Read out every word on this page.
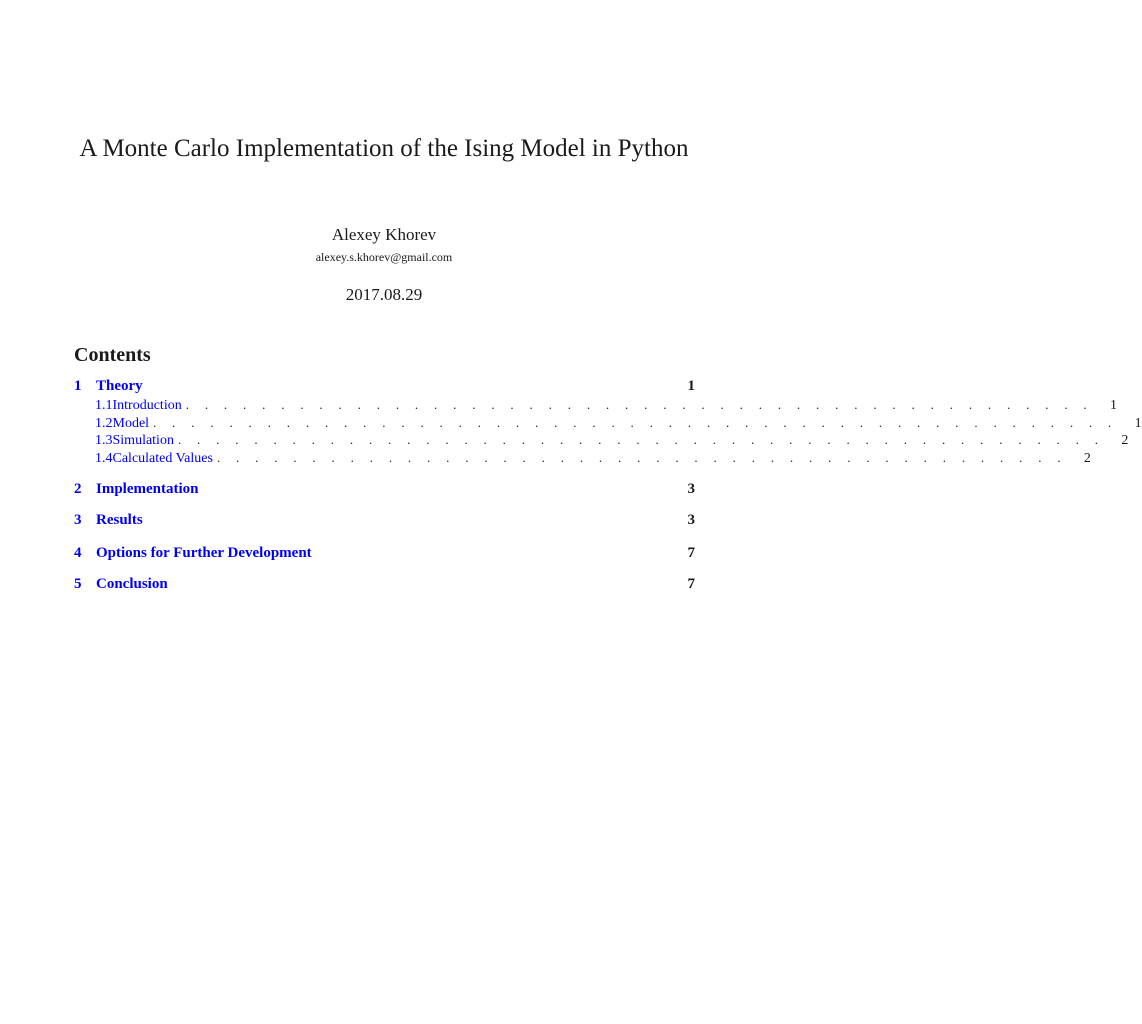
A Monte Carlo Implementation of the Ising Model in Python
Alexey Khorev
alexey.s.khorev@gmail.com
2017.08.29
Contents
1 Theory	1
1.1 Introduction . . . . . . . . . . . . . . . . . . . . . . . . . . . . . . . . . . . . . . . . . . . . . . . . 1
1.2 Model . . . . . . . . . . . . . . . . . . . . . . . . . . . . . . . . . . . . . . . . . . . . . . . . . . . 1
1.3 Simulation . . . . . . . . . . . . . . . . . . . . . . . . . . . . . . . . . . . . . . . . . . . . . . . . . 2
1.4 Calculated Values . . . . . . . . . . . . . . . . . . . . . . . . . . . . . . . . . . . . . . . . . . . . . 2
2 Implementation	3
3 Results	3
4 Options for Further Development	7
5 Conclusion	7
